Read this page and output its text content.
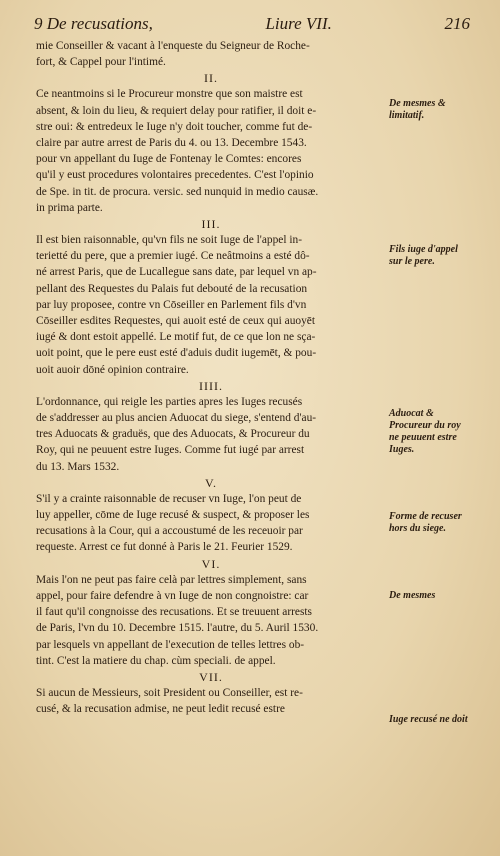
9 De recusations,	Liure VII.	216

mie Conseiller & vacant à l'enqueste du Seigneur de Roche-

fort, & Cappel pour l'intimé.

II.

Ce neantmoins si le Procureur monstre que son maistre est

absent, & loin du lieu, & requiert delay pour ratifier, il doit e-

stre oui: & entredeux le Iuge n'y doit toucher, comme fut de-

claire par autre arrest de Paris du 4. ou 13. Decembre 1543.

pour vn appellant du Iuge de Fontenay le Comtes: encores

qu'il y eust procedures volontaires precedentes. C'est l'opinio

de Spe. in tit. de procura. versic. sed nunquid in medio causæ.

in prima parte.

III.

Il est bien raisonnable, qu'vn fils ne soit Iuge de l'appel in-

terietté du pere, que a premier iugé. Ce neâtmoins a esté dô-

né arrest Paris, que de Lucallegue sans date, par lequel vn ap-

pellant des Requestes du Palais fut debouté de la recusation

par luy proposee, contre vn Cōseiller en Parlement fils d'vn

Cōseiller esdites Requestes, qui auoit esté de ceux qui auoyēt

iugé & dont estoit appellé. Le motif fut, de ce que lon ne sça-

uoit point, que le pere eust esté d'aduis dudit iugemēt, & pou-

uoit auoir dōné opinion contraire.

IIII.

L'ordonnance, qui reigle les parties apres les Iuges recusés

de s'addresser au plus ancien Aduocat du siege, s'entend d'au-

tres Aduocats & graduës, que des Aduocats, & Procureur du

Roy, qui ne peuuent estre Iuges. Comme fut iugé par arrest

du 13. Mars 1532.

V.

S'il y a crainte raisonnable de recuser vn Iuge, l'on peut de

luy appeller, cōme de Iuge recusé & suspect, & proposer les

recusations à la Cour, qui a accoustumé de les receuoir par

requeste. Arrest ce fut donné à Paris le 21. Feurier 1529.

VI.

Mais l'on ne peut pas faire celà par lettres simplement, sans

appel, pour faire defendre à vn Iuge de non congnoistre: car

il faut qu'il congnoisse des recusations. Et se treuuent arrests

de Paris, l'vn du 10. Decembre 1515. l'autre, du 5. Auril 1530.

par lesquels vn appellant de l'execution de telles lettres ob-

tint. C'est la matiere du chap. cùm speciali. de appel.

VII.

Si aucun de Messieurs, soit President ou Conseiller, est re-

cusé, & la recusation admise, ne peut ledit recusé estre

De mesmes & limitatif.
Fils iuge d'appel sur le pere.
Aduocat & Procureur du roy ne peuuent estre Iuges.
Forme de recuser hors du siege.
De mesmes
Iuge recusé ne doit
